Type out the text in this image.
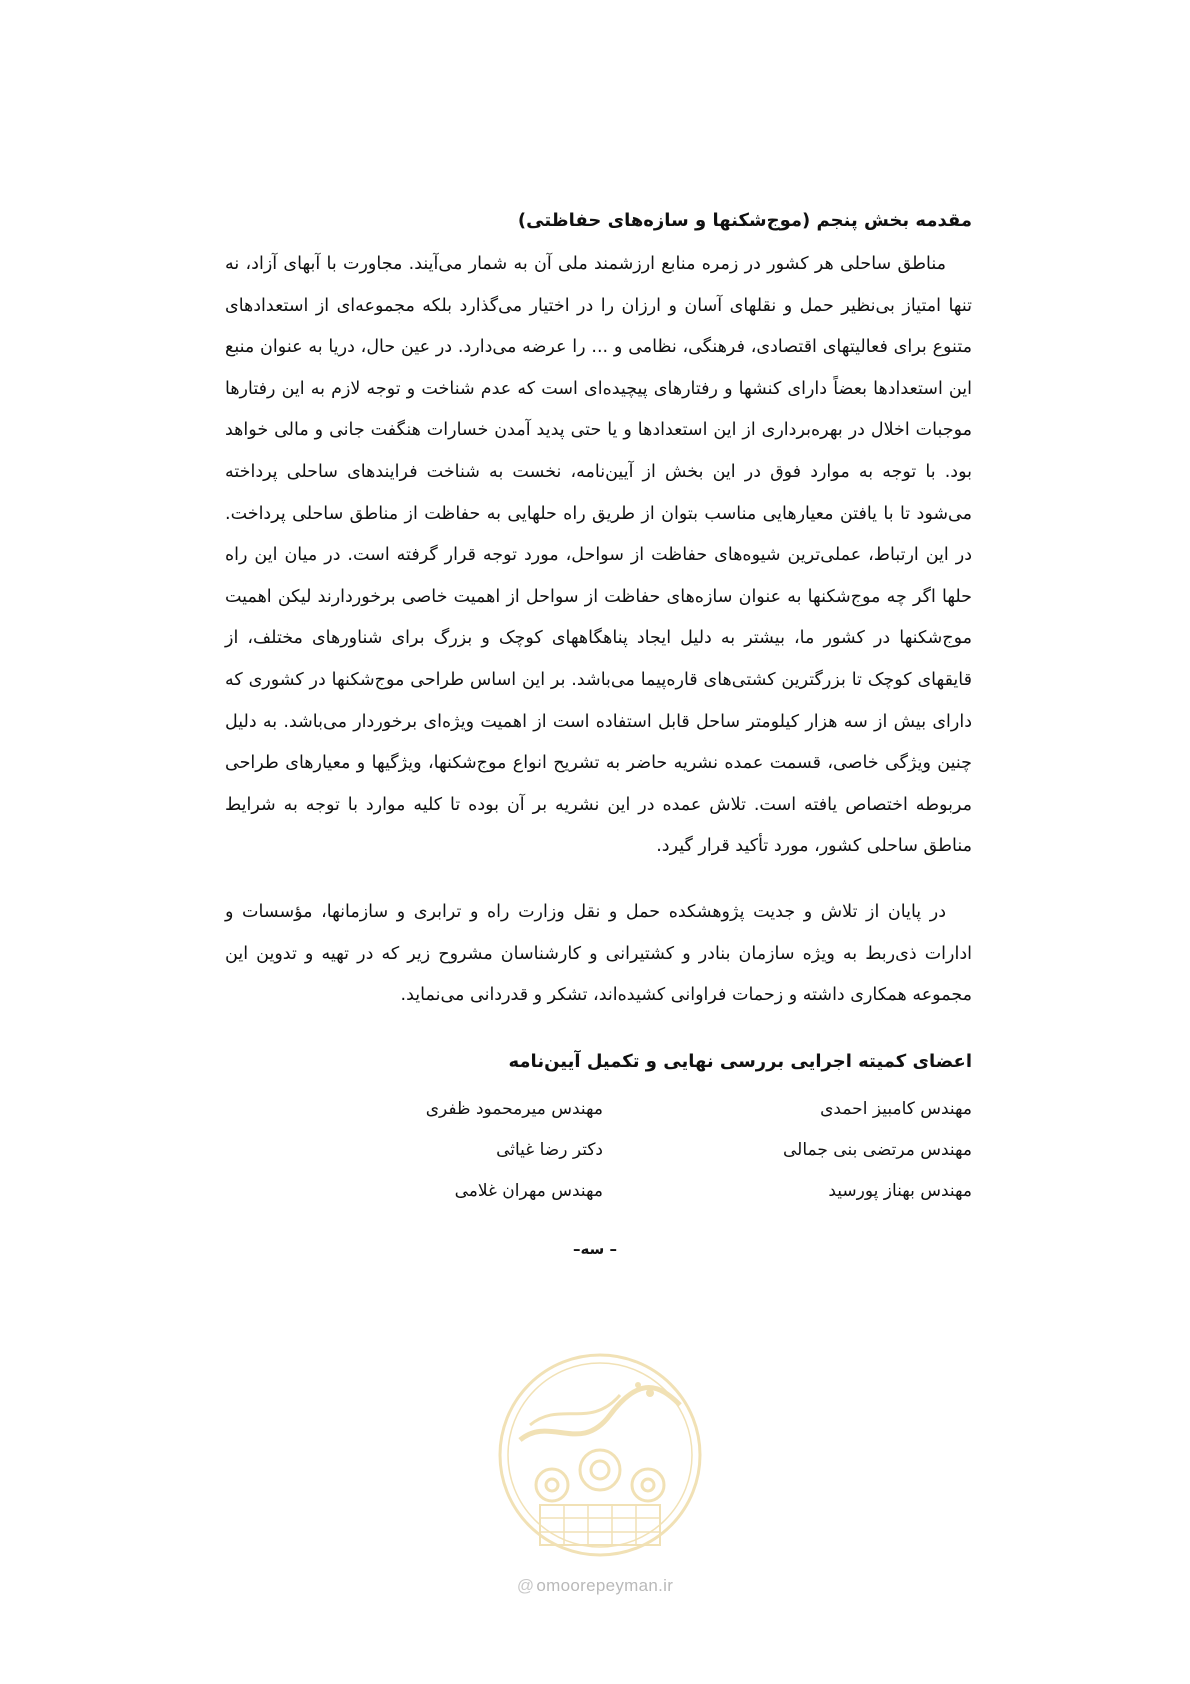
مقدمه بخش پنجم (موج‌شکنها و سازه‌های حفاظتی)

مناطق ساحلی هر کشور در زمره منابع ارزشمند ملی آن به شمار می‌آیند. مجاورت با آبهای آزاد، نه تنها امتیاز بی‌نظیر حمل و نقلهای آسان و ارزان را در اختیار می‌گذارد بلکه مجموعه‌ای از استعدادهای متنوع برای فعالیتهای اقتصادی، فرهنگی، نظامی و ... را عرضه می‌دارد. در عین حال، دریا به عنوان منبع این استعدادها بعضاً دارای کنشها و رفتارهای پیچیده‌ای است که عدم شناخت و توجه لازم به این رفتارها موجبات اخلال در بهره‌برداری از این استعدادها و یا حتی پدید آمدن خسارات هنگفت جانی و مالی خواهد بود. با توجه به موارد فوق در این بخش از آیین‌نامه، نخست به شناخت فرایندهای ساحلی پرداخته می‌شود تا با یافتن معیارهایی مناسب بتوان از طریق راه حلهایی به حفاظت از مناطق ساحلی پرداخت. در این ارتباط، عملی‌ترین شیوه‌های حفاظت از سواحل، مورد توجه قرار گرفته است. در میان این راه حلها اگر چه موج‌شکنها به عنوان سازه‌های حفاظت از سواحل از اهمیت خاصی برخوردارند لیکن اهمیت موج‌شکنها در کشور ما، بیشتر به دلیل ایجاد پناهگاههای کوچک و بزرگ برای شناورهای مختلف، از قایقهای کوچک تا بزرگترین کشتی‌های قاره‌پیما می‌باشد. بر این اساس طراحی موج‌شکنها در کشوری که دارای بیش از سه هزار کیلومتر ساحل قابل استفاده است از اهمیت ویژه‌ای برخوردار می‌باشد. به دلیل چنین ویژگی خاصی، قسمت عمده نشریه حاضر به تشریح انواع موج‌شکنها، ویژگیها و معیارهای طراحی مربوطه اختصاص یافته است. تلاش عمده در این نشریه بر آن بوده تا کلیه موارد با توجه به شرایط مناطق ساحلی کشور، مورد تأکید قرار گیرد.

در پایان از تلاش و جدیت پژوهشکده حمل و نقل وزارت راه و ترابری و سازمانها، مؤسسات و ادارات ذی‌ربط به ویژه سازمان بنادر و کشتیرانی و کارشناسان مشروح زیر که در تهیه و تدوین این مجموعه همکاری داشته و زحمات فراوانی کشیده‌اند، تشکر و قدردانی می‌نماید.

اعضای کمیته اجرایی بررسی نهایی و تکمیل آیین‌نامه
مهندس کامبیز احمدی
مهندس میرمحمود ظفری
مهندس مرتضی بنی جمالی
دکتر رضا غیاثی
مهندس بهناز پورسید
مهندس مهران غلامی
– سه–
@ omoorepeyman.ir
